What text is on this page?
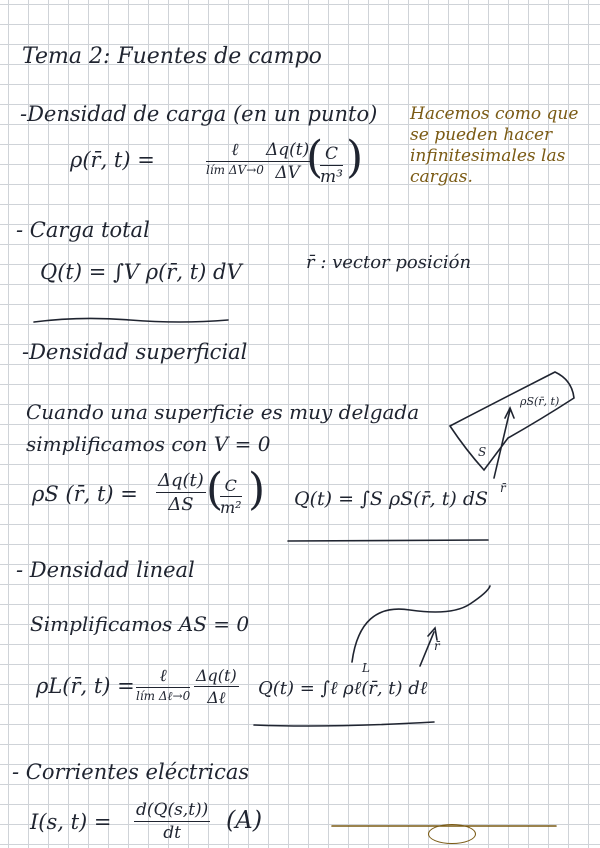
Tema 2: Fuentes de campo
-Densidad de carga (en un punto)
ρ(r̄, t) =	ℓ
lím $\Delta V\to 0 \frac{\Delta q(t)}{\Delta V}$
(
$\frac{C}{\text{m³}}$ )
Hacemos como que se pueden hacer infinitesimales las cargas.
- Carga total
Q(t) = ∫V ρ(r̄, t) dV	r̄ : vector posición
-Densidad superficial
Cuando una superficie es muy delgada
simplificamos con V = 0
ρS(r̄, t)
S
r̄
ρS (r̄, $t) = \frac{\Delta q(t)}{\Delta S}$ (
$\frac{C}{\text{m²}}$ ) Q(t) = ∫S ρS(r̄, t) dS
- Densidad lineal
Simplificamos AS = 0
L
r̄
ρL(r̄, t) =	ℓ
lím Δℓ→0
Δq(t)
Δℓ	Q(t) = ∫ℓ ρℓ(r̄, t) dℓ
- Corrientes eléctricas
I(s, $t) = \frac{d(Q(s,t))}{dt} (A)$
